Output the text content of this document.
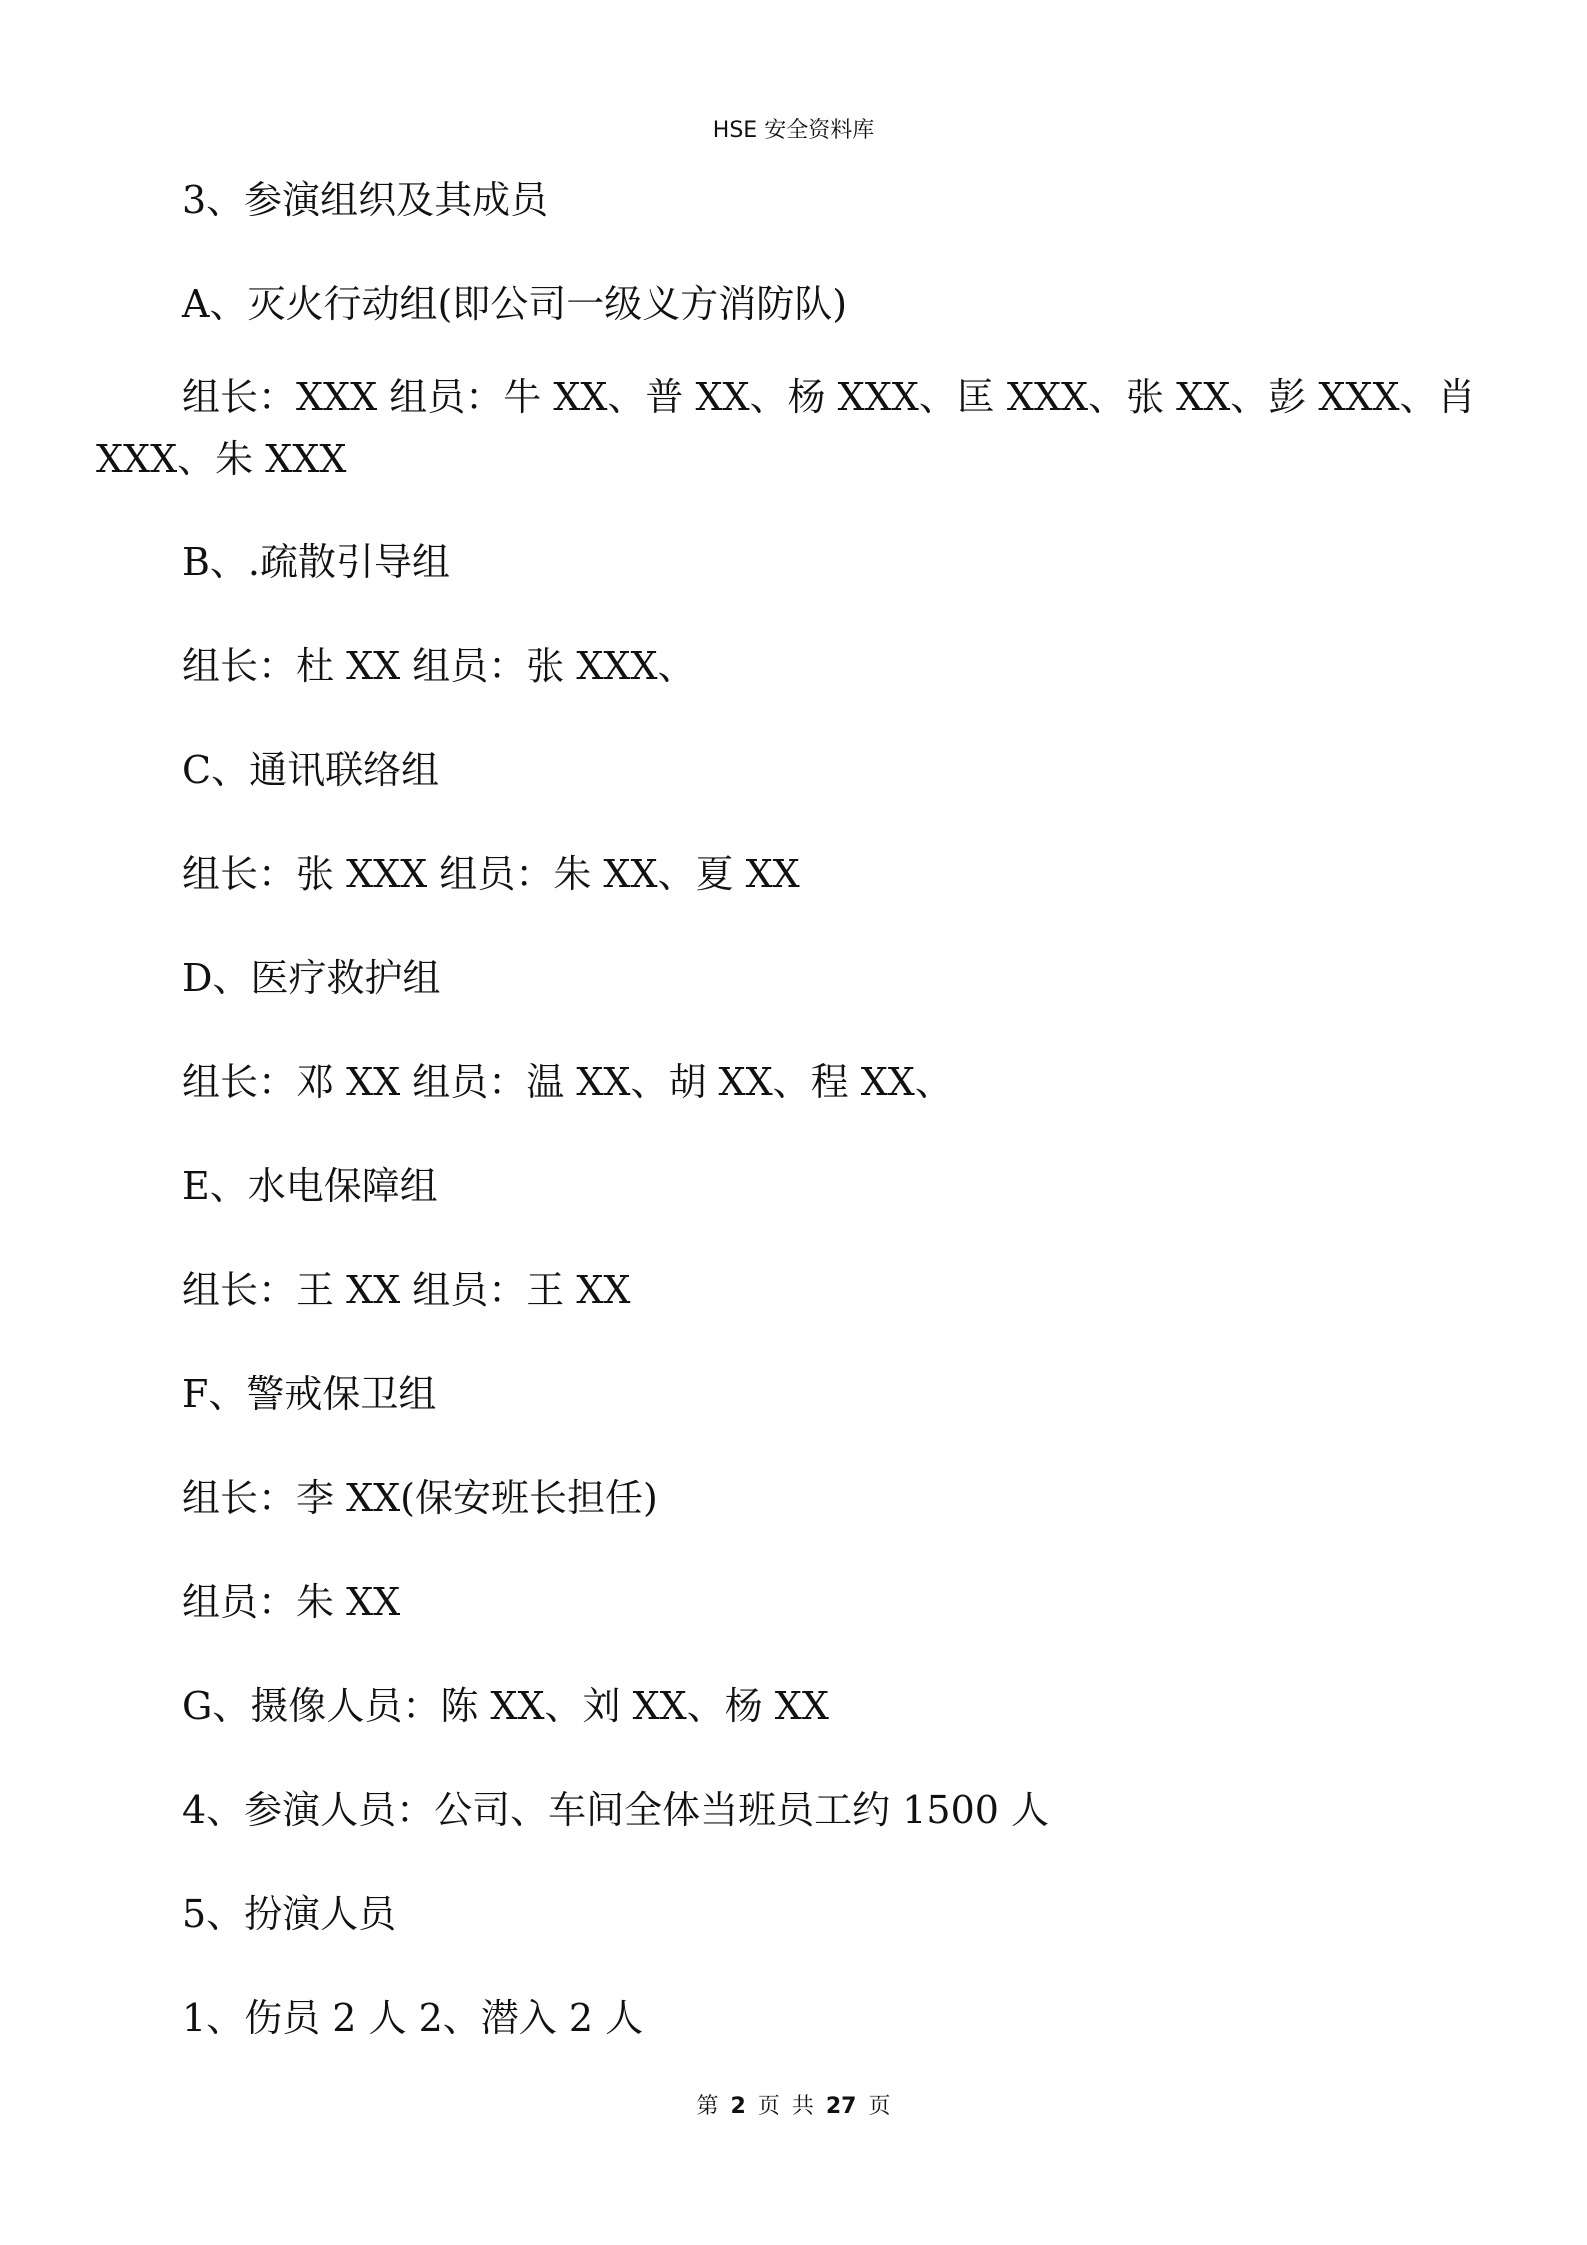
HSE 安全资料库

3、参演组织及其成员

A、灭火行动组(即公司一级义方消防队)

组长：XXX 组员：牛 XX、普 XX、杨 XXX、匡 XXX、张 XX、彭 XXX、肖 XXX、朱 XXX

B、.疏散引导组

组长：杜 XX 组员：张 XXX、

C、通讯联络组

组长：张 XXX 组员：朱 XX、夏 XX

D、医疗救护组

组长：邓 XX 组员：温 XX、胡 XX、程 XX、

E、水电保障组

组长：王 XX 组员：王 XX

F、警戒保卫组

组长：李 XX(保安班长担任)

组员：朱 XX

G、摄像人员：陈 XX、刘 XX、杨 XX

4、参演人员：公司、车间全体当班员工约 1500 人

5、扮演人员

1、伤员 2 人 2、潜入 2 人

第 2 页 共 27 页
